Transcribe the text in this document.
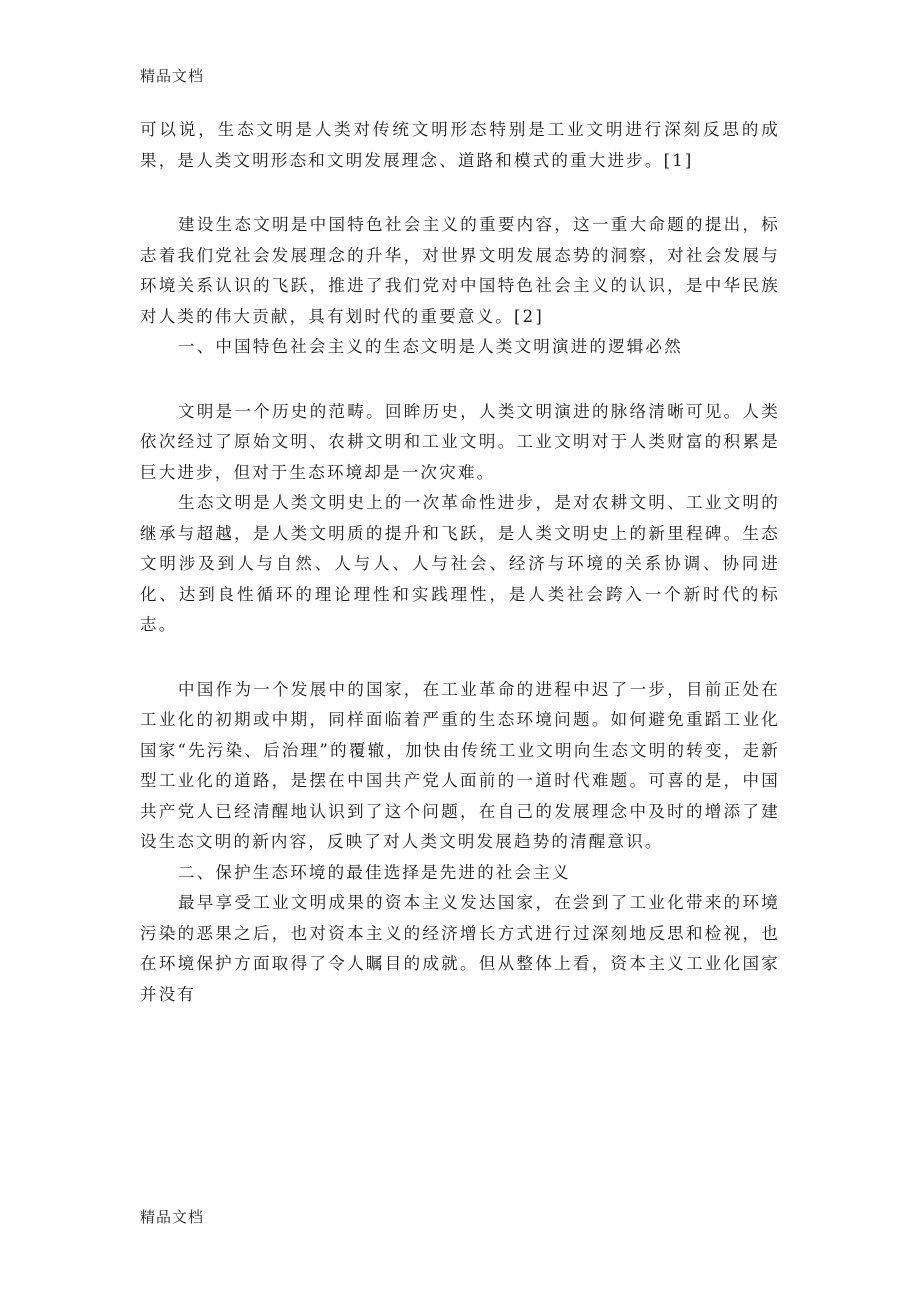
精品文档

可以说，生态文明是人类对传统文明形态特别是工业文明进行深刻反思的成果，是人类文明形态和文明发展理念、道路和模式的重大进步。[1]

建设生态文明是中国特色社会主义的重要内容，这一重大命题的提出，标志着我们党社会发展理念的升华，对世界文明发展态势的洞察，对社会发展与环境关系认识的飞跃，推进了我们党对中国特色社会主义的认识，是中华民族对人类的伟大贡献，具有划时代的重要意义。[2]

一、中国特色社会主义的生态文明是人类文明演进的逻辑必然

文明是一个历史的范畴。回眸历史，人类文明演进的脉络清晰可见。人类依次经过了原始文明、农耕文明和工业文明。工业文明对于人类财富的积累是巨大进步，但对于生态环境却是一次灾难。

生态文明是人类文明史上的一次革命性进步，是对农耕文明、工业文明的继承与超越，是人类文明质的提升和飞跃，是人类文明史上的新里程碑。生态文明涉及到人与自然、人与人、人与社会、经济与环境的关系协调、协同进化、达到良性循环的理论理性和实践理性，是人类社会跨入一个新时代的标志。

中国作为一个发展中的国家，在工业革命的进程中迟了一步，目前正处在工业化的初期或中期，同样面临着严重的生态环境问题。如何避免重蹈工业化国家“先污染、后治理”的覆辙，加快由传统工业文明向生态文明的转变，走新型工业化的道路，是摆在中国共产党人面前的一道时代难题。可喜的是，中国共产党人已经清醒地认识到了这个问题，在自己的发展理念中及时的增添了建设生态文明的新内容，反映了对人类文明发展趋势的清醒意识。

二、保护生态环境的最佳选择是先进的社会主义

最早享受工业文明成果的资本主义发达国家，在尝到了工业化带来的环境污染的恶果之后，也对资本主义的经济增长方式进行过深刻地反思和检视，也在环境保护方面取得了令人瞩目的成就。但从整体上看，资本主义工业化国家并没有

精品文档
